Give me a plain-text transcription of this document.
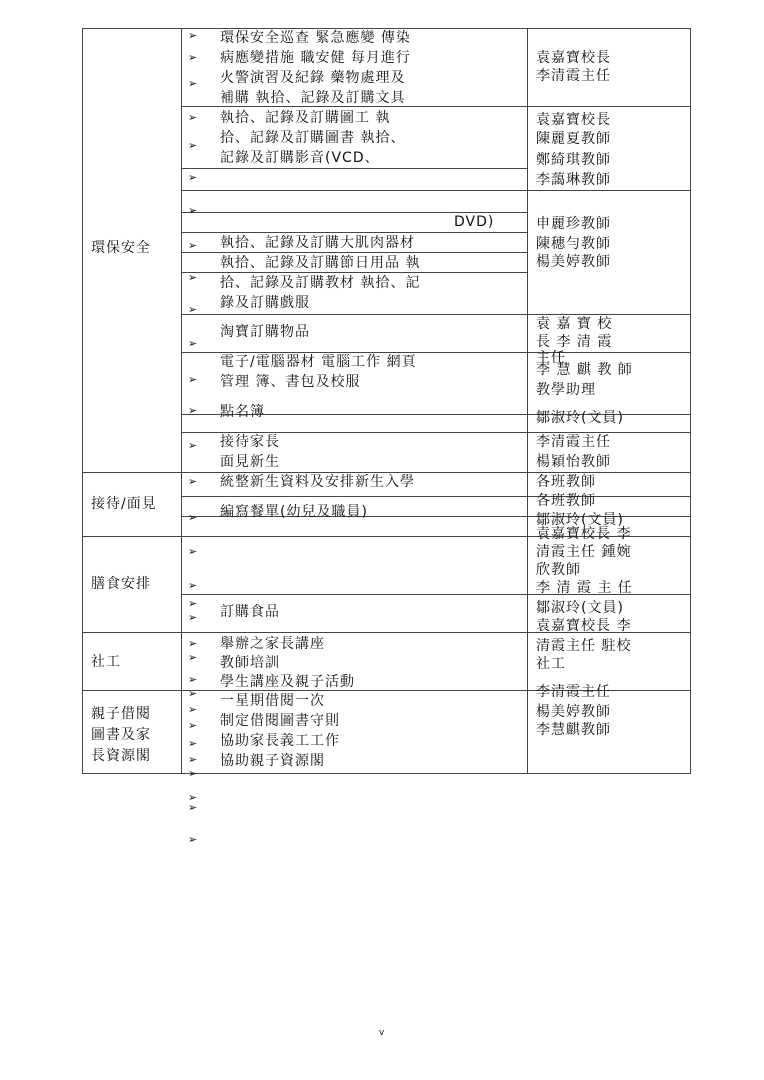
環保安全
接待/面見
膳食安排
社工
親子借閱
圖書及家
長資源閣
➢
➢
➢
➢
➢
➢
➢
➢
➢
➢
➢
➢
➢
➢
➢
➢
➢
➢
➢
➢
➢
➢
➢
➢
➢
➢
➢
➢
➢
➢
➢
➢
環保安全巡查 緊急應變 傳染
病應變措施 職安健 每月進行
火警演習及紀錄 藥物處理及
補購 執拾、記錄及訂購文具
執拾、記錄及訂購圖工 執
拾、記錄及訂購圖書 執拾、
記錄及訂購影音(VCD、
DVD)
執拾、記錄及訂購大肌肉器材
執拾、記錄及訂購節日用品 執
拾、記錄及訂購教材 執拾、記
錄及訂購戲服
淘寶訂購物品
電子/電腦器材 電腦工作 網頁
管理 簿、書包及校服
點名簿
接待家長
面見新生
統整新生資料及安排新生入學
編寫餐單(幼兒及職員)
訂購食品
舉辦之家長講座
教師培訓
學生講座及親子活動
一星期借閱一次
制定借閱圖書守則
協助家長義工工作
協助親子資源閣
袁嘉寶校長
李清霞主任
袁嘉寶校長
陳麗夏教師
鄭綺琪教師
李藹琳教師
申麗珍教師
陳穗勻教師
楊美婷教師
袁 嘉 寶 校
長 李 清 霞
主任
李 慧 麒 教 師
教學助理
鄒淑玲(文員)
李清霞主任
楊穎怡教師
各班教師
各班教師
鄒淑玲(文員)
袁嘉寶校長 李
清霞主任 鍾婉
欣教師
李 清 霞 主 任
鄒淑玲(文員)
袁嘉寶校長 李
清霞主任 駐校
社工
李清霞主任
楊美婷教師
李慧麒教師
v
